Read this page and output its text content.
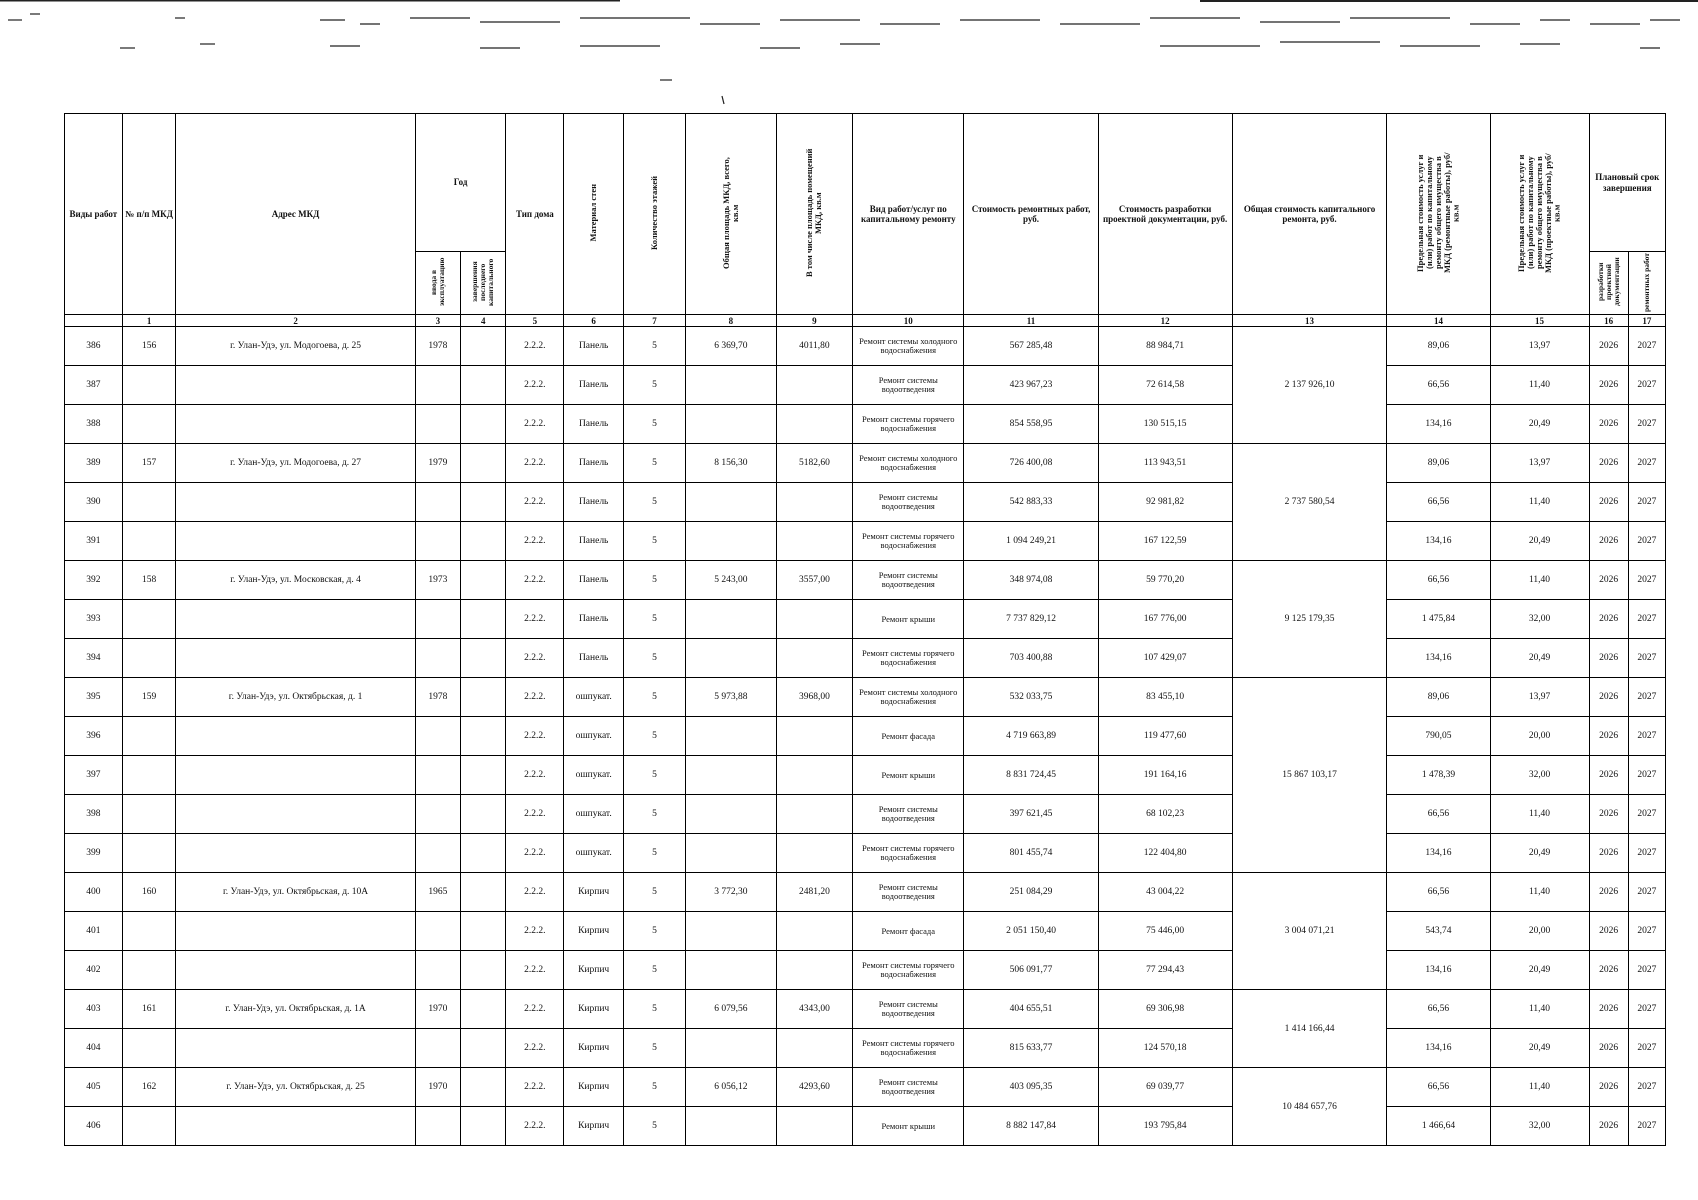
Виды работ	№ п/п МКД	Адрес МКД	Год		Тип дома	Материал стен	Количество этажей	Общая площадь МКД, всего, кв.м	В том числе площадь помещений МКД, кв.м	Вид работ/услуг по капитальному ремонту	Стоимость ремонтных работ, руб.	Стоимость разработки проектной документации, руб.	Общая стоимость капитального ремонта, руб.	Предельная стоимость услуг и (или) работ по капитальному ремонту общего имущества в МКД (ремонтные работы), руб/кв.м	Предельная стоимость услуг и (или) работ по капитальному ремонту общего имущества в МКД (проектные работы), руб/кв.м	Плановый срок завершения	
			ввода в эксплуатацию	завершения последнего капитального												разработки проектной документации	ремонтных работ
	1	2	3	4	5	6	7	8	9	10	11	12	13	14	15	16	17
386	156	г. Улан-Удэ, ул. Модогоева, д. 25	1978		2.2.2.	Панель	5	6 369,70	4011,80	Ремонт системы холодного водоснабжения	567 285,48	88 984,71	2 137 926,10	89,06	13,97	2026	2027
387					2.2.2.	Панель	5			Ремонт системы водоотведения	423 967,23	72 614,58		66,56	11,40	2026	2027
388					2.2.2.	Панель	5			Ремонт системы горячего водоснабжения	854 558,95	130 515,15		134,16	20,49	2026	2027
389	157	г. Улан-Удэ, ул. Модогоева, д. 27	1979		2.2.2.	Панель	5	8 156,30	5182,60	Ремонт системы холодного водоснабжения	726 400,08	113 943,51	2 737 580,54	89,06	13,97	2026	2027
390					2.2.2.	Панель	5			Ремонт системы водоотведения	542 883,33	92 981,82		66,56	11,40	2026	2027
391					2.2.2.	Панель	5			Ремонт системы горячего водоснабжения	1 094 249,21	167 122,59		134,16	20,49	2026	2027
392	158	г. Улан-Удэ, ул. Московская, д. 4	1973		2.2.2.	Панель	5	5 243,00	3557,00	Ремонт системы водоотведения	348 974,08	59 770,20	9 125 179,35	66,56	11,40	2026	2027
393					2.2.2.	Панель	5			Ремонт крыши	7 737 829,12	167 776,00		1 475,84	32,00	2026	2027
394					2.2.2.	Панель	5			Ремонт системы горячего водоснабжения	703 400,88	107 429,07		134,16	20,49	2026	2027
395	159	г. Улан-Удэ, ул. Октябрьская, д. 1	1978		2.2.2.	ошпукат.	5	5 973,88	3968,00	Ремонт системы холодного водоснабжения	532 033,75	83 455,10	15 867 103,17	89,06	13,97	2026	2027
396					2.2.2.	ошпукат.	5			Ремонт фасада	4 719 663,89	119 477,60		790,05	20,00	2026	2027
397					2.2.2.	ошпукат.	5			Ремонт крыши	8 831 724,45	191 164,16		1 478,39	32,00	2026	2027
398					2.2.2.	ошпукат.	5			Ремонт системы водоотведения	397 621,45	68 102,23		66,56	11,40	2026	2027
399					2.2.2.	ошпукат.	5			Ремонт системы горячего водоснабжения	801 455,74	122 404,80		134,16	20,49	2026	2027
400	160	г. Улан-Удэ, ул. Октябрьская, д. 10А	1965		2.2.2.	Кирпич	5	3 772,30	2481,20	Ремонт системы водоотведения	251 084,29	43 004,22	3 004 071,21	66,56	11,40	2026	2027
401					2.2.2.	Кирпич	5			Ремонт фасада	2 051 150,40	75 446,00		543,74	20,00	2026	2027
402					2.2.2.	Кирпич	5			Ремонт системы горячего водоснабжения	506 091,77	77 294,43		134,16	20,49	2026	2027
403	161	г. Улан-Удэ, ул. Октябрьская, д. 1А	1970		2.2.2.	Кирпич	5	6 079,56	4343,00	Ремонт системы водоотведения	404 655,51	69 306,98	1 414 166,44	66,56	11,40	2026	2027
404					2.2.2.	Кирпич	5			Ремонт системы горячего водоснабжения	815 633,77	124 570,18		134,16	20,49	2026	2027
405	162	г. Улан-Удэ, ул. Октябрьская, д. 25	1970		2.2.2.	Кирпич	5	6 056,12	4293,60	Ремонт системы водоотведения	403 095,35	69 039,77	10 484 657,76	66,56	11,40	2026	2027
406					2.2.2.	Кирпич	5			Ремонт крыши	8 882 147,84	193 795,84		1 466,64	32,00	2026	2027
